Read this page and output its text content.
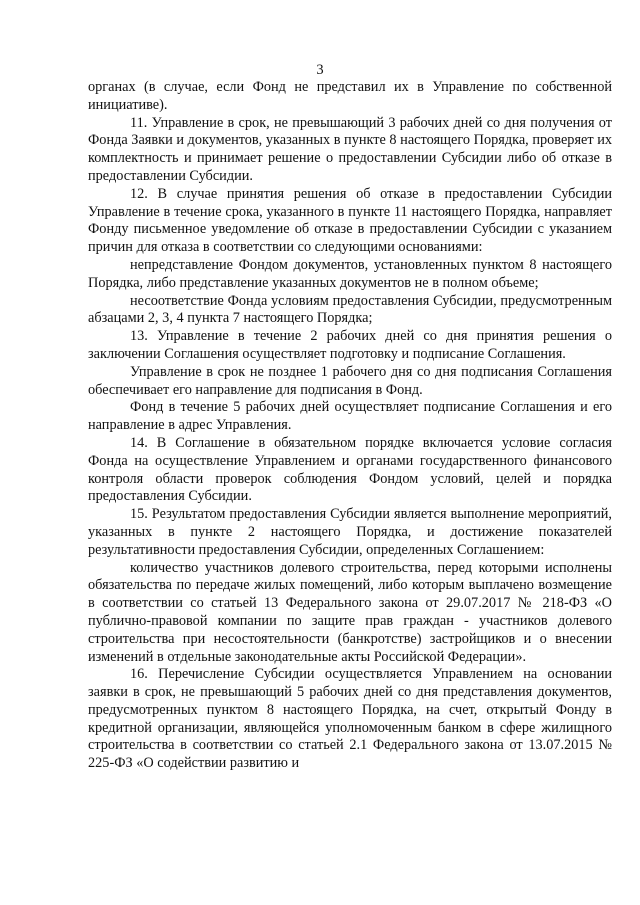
3

органах (в случае, если Фонд не представил их в Управление по собственной инициативе).

11. Управление в срок, не превышающий 3 рабочих дней со дня получения от Фонда Заявки и документов, указанных в пункте 8 настоящего Порядка, проверяет их комплектность и принимает решение о предоставлении Субсидии либо об отказе в предоставлении Субсидии.

12. В случае принятия решения об отказе в предоставлении Субсидии Управление в течение срока, указанного в пункте 11 настоящего Порядка, направляет Фонду письменное уведомление об отказе в предоставлении Субсидии с указанием причин для отказа в соответствии со следующими основаниями:

непредставление Фондом документов, установленных пунктом 8 настоящего Порядка, либо представление указанных документов не в полном объеме;

несоответствие Фонда условиям предоставления Субсидии, предусмотренным абзацами 2, 3, 4 пункта 7 настоящего Порядка;

13. Управление в течение 2 рабочих дней со дня принятия решения о заключении Соглашения осуществляет подготовку и подписание Соглашения.

Управление в срок не позднее 1 рабочего дня со дня подписания Соглашения обеспечивает его направление для подписания в Фонд.

Фонд в течение 5 рабочих дней осуществляет подписание Соглашения и его направление в адрес Управления.

14. В Соглашение в обязательном порядке включается условие согласия Фонда на осуществление Управлением и органами государственного финансового контроля области проверок соблюдения Фондом условий, целей и порядка предоставления Субсидии.

15. Результатом предоставления Субсидии является выполнение мероприятий, указанных в пункте 2 настоящего Порядка, и достижение показателей результативности предоставления Субсидии, определенных Соглашением:

количество участников долевого строительства, перед которыми исполнены обязательства по передаче жилых помещений, либо которым выплачено возмещение в соответствии со статьей 13 Федерального закона от 29.07.2017 № 218-ФЗ «О публично-правовой компании по защите прав граждан - участников долевого строительства при несостоятельности (банкротстве) застройщиков и о внесении изменений в отдельные законодательные акты Российской Федерации».

16. Перечисление Субсидии осуществляется Управлением на основании заявки в срок, не превышающий 5 рабочих дней со дня представления документов, предусмотренных пунктом 8 настоящего Порядка, на счет, открытый Фонду в кредитной организации, являющейся уполномоченным банком в сфере жилищного строительства в соответствии со статьей 2.1 Федерального закона от 13.07.2015 № 225-ФЗ «О содействии развитию и
